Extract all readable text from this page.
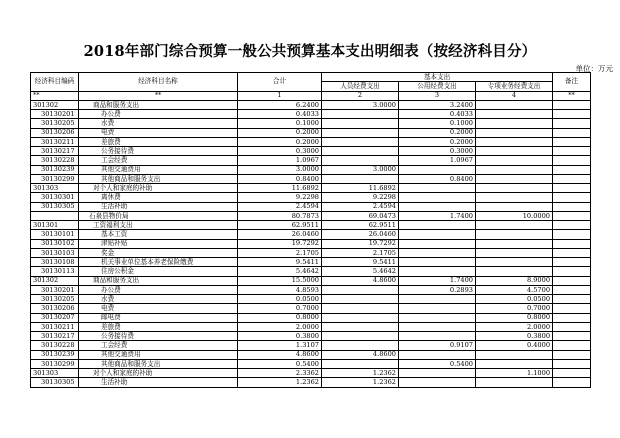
2018年部门综合预算一般公共预算基本支出明细表（按经济科目分）
单位：万元
经济科目编码	经济科目名称	合计	基本支出			备注
			人员经费支出	公用经费支出	专项业务经费支出	
**	**	1	2	3	4	**
301302	商品和服务支出	6.2400	3.0000	3.2400		
30130201	办公费	0.4033		0.4033		
30130205	水费	0.1000		0.1000		
30130206	电费	0.2000		0.2000		
30130211	差旅费	0.2000		0.2000		
30130217	公务接待费	0.3000		0.3000		
30130228	工会经费	1.0967		1.0967		
30130239	其他交通费用	3.0000	3.0000			
30130299	其他商品和服务支出	0.8400		0.8400		
301303	对个人和家庭的补助	11.6892	11.6892			
30130301	离休费	9.2298	9.2298			
30130305	生活补助	2.4594	2.4594			
	石泉县物价局	80.7873	69.0473	1.7400	10.0000	
301301	工资福利支出	62.9511	62.9511			
30130101	基本工资	26.0460	26.0460			
30130102	津贴补贴	19.7292	19.7292			
30130103	奖金	2.1705	2.1705			
30130108	机关事业单位基本养老保险缴费	9.5411	9.5411			
30130113	住房公积金	5.4642	5.4642			
301302	商品和服务支出	15.5000	4.8600	1.7400	8.9000	
30130201	办公费	4.8593		0.2893	4.5700	
30130205	水费	0.0500			0.0500	
30130206	电费	0.7000			0.7000	
30130207	邮电费	0.8000			0.8000	
30130211	差旅费	2.0000			2.0000	
30130217	公务接待费	0.3800			0.3800	
30130228	工会经费	1.3107		0.9107	0.4000	
30130239	其他交通费用	4.8600	4.8600			
30130299	其他商品和服务支出	0.5400		0.5400		
301303	对个人和家庭的补助	2.3362	1.2362		1.1000	
30130305	生活补助	1.2362	1.2362			
